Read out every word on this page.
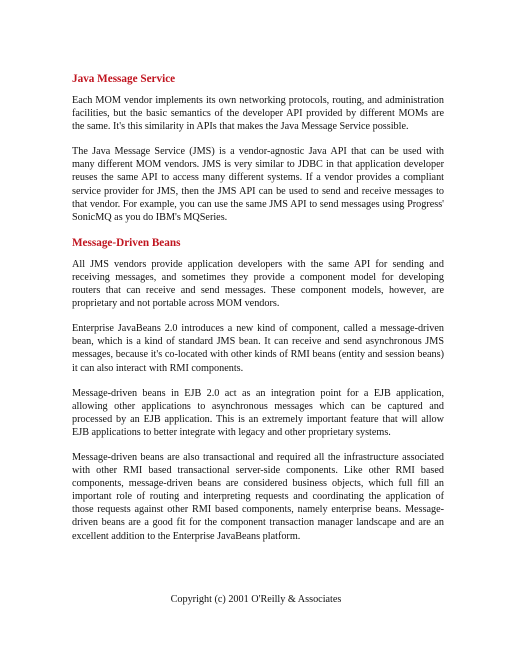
Java Message Service

Each MOM vendor implements its own networking protocols, routing, and administration facilities, but the basic semantics of the developer API provided by different MOMs are the same. It's this similarity in APIs that makes the Java Message Service possible.

The Java Message Service (JMS) is a vendor-agnostic Java API that can be used with many different MOM vendors. JMS is very similar to JDBC in that application developer reuses the same API to access many different systems. If a vendor provides a compliant service provider for JMS, then the JMS API can be used to send and receive messages to that vendor. For example, you can use the same JMS API to send messages using Progress' SonicMQ as you do IBM's MQSeries.

Message-Driven Beans

All JMS vendors provide application developers with the same API for sending and receiving messages, and sometimes they provide a component model for developing routers that can receive and send messages. These component models, however, are proprietary and not portable across MOM vendors.

Enterprise JavaBeans 2.0 introduces a new kind of component, called a message-driven bean, which is a kind of standard JMS bean. It can receive and send asynchronous JMS messages, because it's co-located with other kinds of RMI beans (entity and session beans) it can also interact with RMI components.

Message-driven beans in EJB 2.0 act as an integration point for a EJB application, allowing other applications to asynchronous messages which can be captured and processed by an EJB application. This is an extremely important feature that will allow EJB applications to better integrate with legacy and other proprietary systems.

Message-driven beans are also transactional and required all the infrastructure associated with other RMI based transactional server-side components. Like other RMI based components, message-driven beans are considered business objects, which full fill an important role of routing and interpreting requests and coordinating the application of those requests against other RMI based components, namely enterprise beans. Message-driven beans are a good fit for the component transaction manager landscape and are an excellent addition to the Enterprise JavaBeans platform.

Copyright (c) 2001 O'Reilly & Associates
